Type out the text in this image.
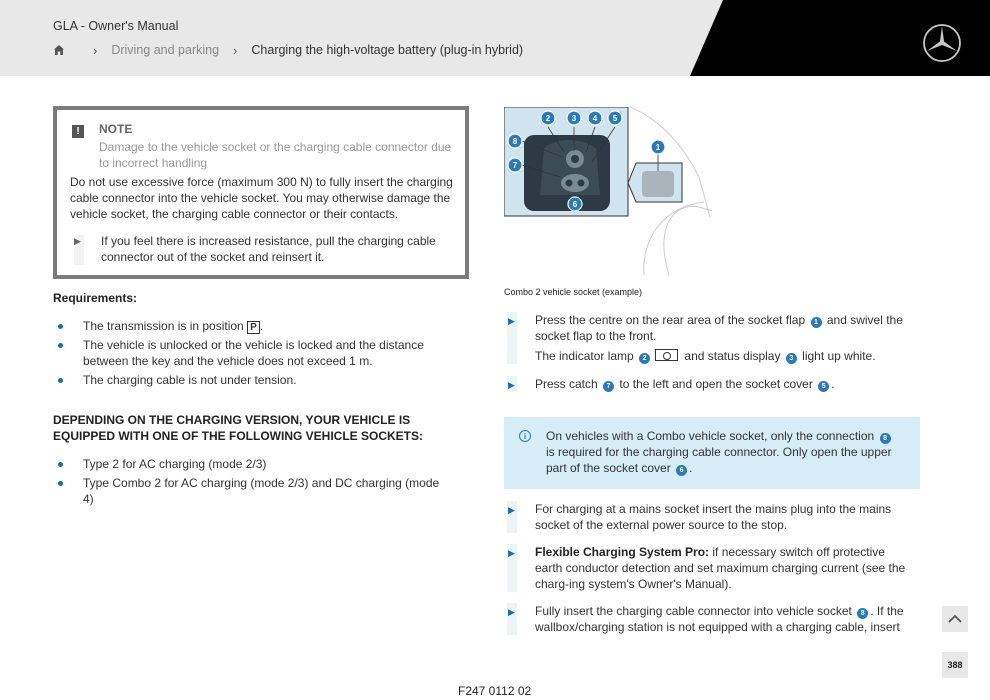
GLA - Owner's Manual
› Driving and parking › Charging the high-voltage battery (plug-in hybrid)
!	NOTE
Damage to the vehicle socket or the charging cable connector due to incorrect handling
Do not use excessive force (maximum 300 N) to fully insert the charging cable connector into the vehicle socket. You may otherwise damage the vehicle socket, the charging cable connector or their contacts.
▶ If you feel there is increased resistance, pull the charging cable connector out of the socket and reinsert it.
Requirements:
The transmission is in position P .
The vehicle is unlocked or the vehicle is locked and the distance between the key and the vehicle does not exceed 1 m.
The charging cable is not under tension.
DEPENDING ON THE CHARGING VERSION, YOUR VEHICLE IS EQUIPPED WITH ONE OF THE FOLLOWING VEHICLE SOCKETS:
Type 2 for AC charging (mode 2/3)
Type Combo 2 for AC charging (mode 2/3) and DC charging (mode 4)
1
2	3 4 5
6
7
8
Combo 2 vehicle socket (example)
▶ Press the centre on the rear area of the socket flap 1 and swivel the socket flap to the front.

The indicator lamp 2	and status display 3 light up white.

▶ Press catch 7 to the left and open the socket cover 5 .

i	On vehicles with a Combo vehicle socket, only the connection 8 is required for the charging cable connector. Only open the upper part of the socket cover 6 .
▶ For charging at a mains socket insert the mains plug into the mains socket of the external power source to the stop.

▶ Flexible Charging System Pro: if necessary switch off protective earth conductor detection and set maximum charging current (see the charg-ing system's Owner's Manual).

▶ Fully insert the charging cable connector into vehicle socket 8 . If the wallbox/charging station is not equipped with a charging cable, insert

F247 0112 02
388
